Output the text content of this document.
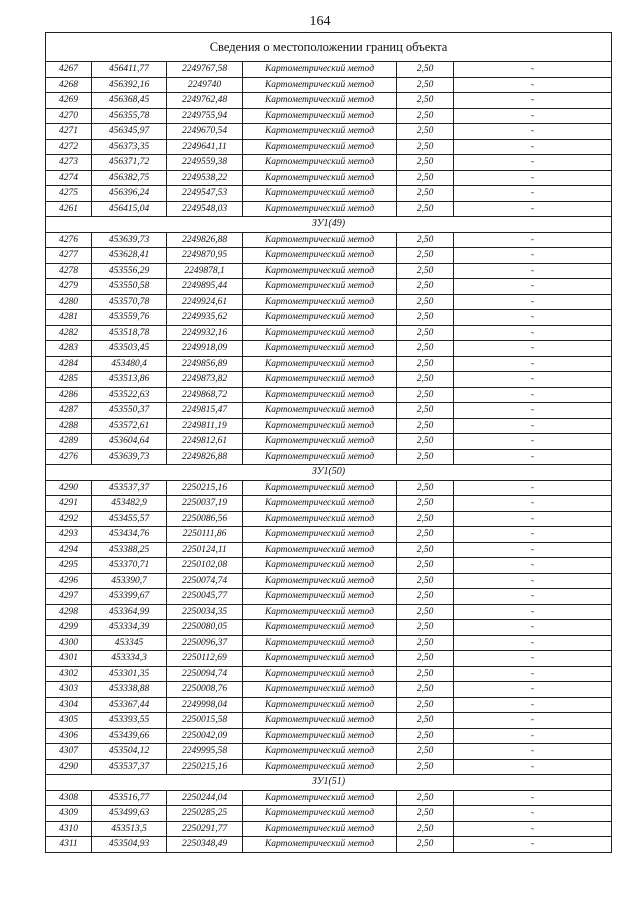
164
Сведения о местоположении границ объекта					
4267	456411,77	2249767,58	Картометрический метод	2,50	-
4268	456392,16	2249740	Картометрический метод	2,50	-
4269	456368,45	2249762,48	Картометрический метод	2,50	-
4270	456355,78	2249755,94	Картометрический метод	2,50	-
4271	456345,97	2249670,54	Картометрический метод	2,50	-
4272	456373,35	2249641,11	Картометрический метод	2,50	-
4273	456371,72	2249559,38	Картометрический метод	2,50	-
4274	456382,75	2249538,22	Картометрический метод	2,50	-
4275	456396,24	2249547,53	Картометрический метод	2,50	-
4261	456415,04	2249548,03	Картометрический метод	2,50	-
ЗУ1(49)					
4276	453639,73	2249826,88	Картометрический метод	2,50	-
4277	453628,41	2249870,95	Картометрический метод	2,50	-
4278	453556,29	2249878,1	Картометрический метод	2,50	-
4279	453550,58	2249895,44	Картометрический метод	2,50	-
4280	453570,78	2249924,61	Картометрический метод	2,50	-
4281	453559,76	2249935,62	Картометрический метод	2,50	-
4282	453518,78	2249932,16	Картометрический метод	2,50	-
4283	453503,45	2249918,09	Картометрический метод	2,50	-
4284	453480,4	2249856,89	Картометрический метод	2,50	-
4285	453513,86	2249873,82	Картометрический метод	2,50	-
4286	453522,63	2249868,72	Картометрический метод	2,50	-
4287	453550,37	2249815,47	Картометрический метод	2,50	-
4288	453572,61	2249811,19	Картометрический метод	2,50	-
4289	453604,64	2249812,61	Картометрический метод	2,50	-
4276	453639,73	2249826,88	Картометрический метод	2,50	-
ЗУ1(50)					
4290	453537,37	2250215,16	Картометрический метод	2,50	-
4291	453482,9	2250037,19	Картометрический метод	2,50	-
4292	453455,57	2250086,56	Картометрический метод	2,50	-
4293	453434,76	2250111,86	Картометрический метод	2,50	-
4294	453388,25	2250124,11	Картометрический метод	2,50	-
4295	453370,71	2250102,08	Картометрический метод	2,50	-
4296	453390,7	2250074,74	Картометрический метод	2,50	-
4297	453399,67	2250045,77	Картометрический метод	2,50	-
4298	453364,99	2250034,35	Картометрический метод	2,50	-
4299	453334,39	2250080,05	Картометрический метод	2,50	-
4300	453345	2250096,37	Картометрический метод	2,50	-
4301	453334,3	2250112,69	Картометрический метод	2,50	-
4302	453301,35	2250094,74	Картометрический метод	2,50	-
4303	453338,88	2250008,76	Картометрический метод	2,50	-
4304	453367,44	2249998,04	Картометрический метод	2,50	-
4305	453393,55	2250015,58	Картометрический метод	2,50	-
4306	453439,66	2250042,09	Картометрический метод	2,50	-
4307	453504,12	2249995,58	Картометрический метод	2,50	-
4290	453537,37	2250215,16	Картометрический метод	2,50	-
ЗУ1(51)					
4308	453516,77	2250244,04	Картометрический метод	2,50	-
4309	453499,63	2250285,25	Картометрический метод	2,50	-
4310	453513,5	2250291,77	Картометрический метод	2,50	-
4311	453504,93	2250348,49	Картометрический метод	2,50	-
